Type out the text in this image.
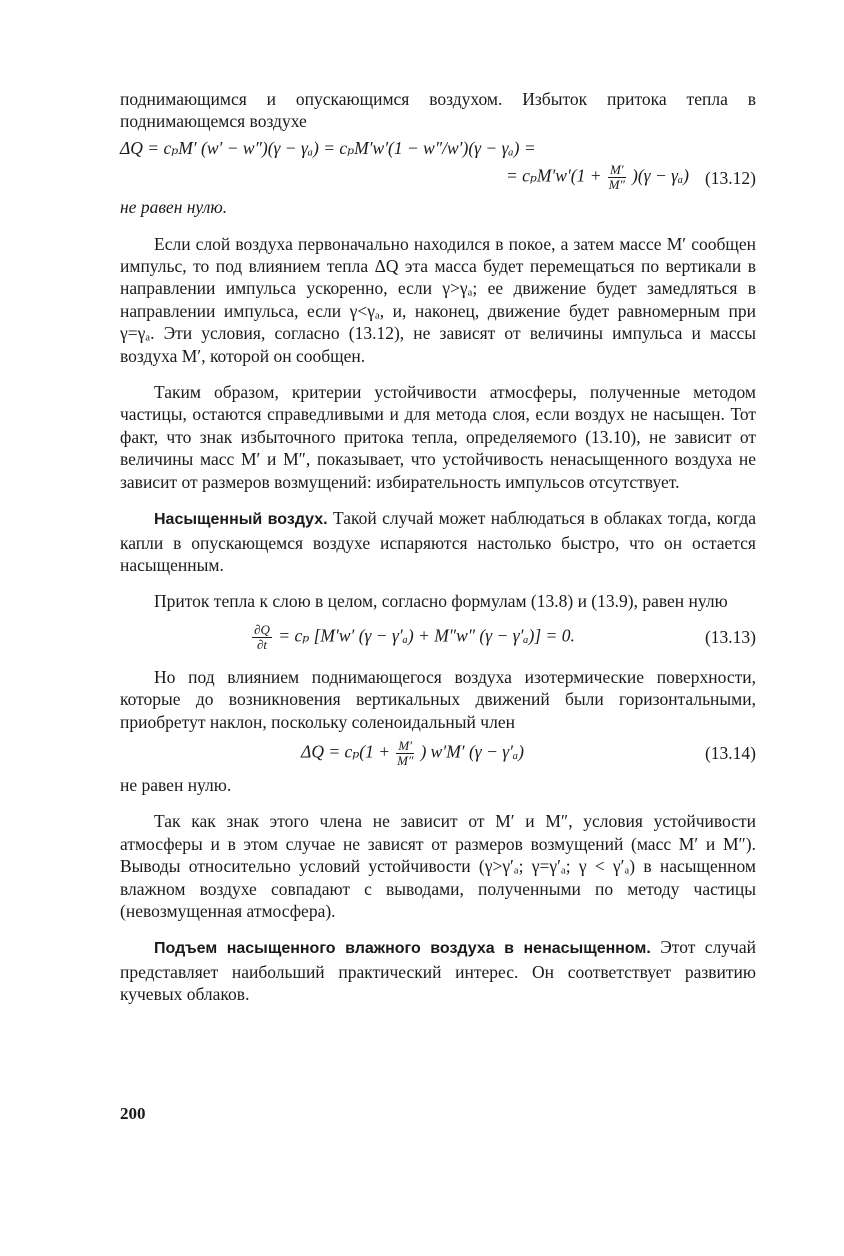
поднимающимся и опускающимся воздухом. Избыток притока тепла в поднимающемся воздухе

ΔQ = cₚM′ (w′ − w″)(γ − γₐ) = cₚM′w′(1 − w″/w′)(γ − γₐ) =
= $c_pM'w'(1 + \frac{M'}{M''} )(\gamma - \gamma_a)$ (13.12)

не равен нулю.

Если слой воздуха первоначально находился в покое, а затем массе M′ сообщен импульс, то под влиянием тепла ΔQ эта масса будет перемещаться по вертикали в направлении импульса ускоренно, если γ>γₐ; ее движение будет замедляться в направлении импульса, если γ<γₐ, и, наконец, движение будет равномерным при γ=γₐ. Эти условия, согласно (13.12), не зависят от величины импульса и массы воздуха M′, которой он сообщен.

Таким образом, критерии устойчивости атмосферы, полученные методом частицы, остаются справедливыми и для метода слоя, если воздух не насыщен. Тот факт, что знак избыточного притока тепла, определяемого (13.10), не зависит от величины масс M′ и M″, показывает, что устойчивость ненасыщенного воздуха не зависит от размеров возмущений: избирательность импульсов отсутствует.

Насыщенный воздух. Такой случай может наблюдаться в облаках тогда, когда капли в опускающемся воздухе испаряются настолько быстро, что он остается насыщенным.

Приток тепла к слою в целом, согласно формулам (13.8) и (13.9), равен нулю

$\frac{\partial Q}{\partial t} = c_p$ [M′w′ (γ − γ′ₐ) + M″w″ (γ − γ′ₐ)] = 0.	(13.13)

Но под влиянием поднимающегося воздуха изотермические поверхности, которые до возникновения вертикальных движений были горизонтальными, приобретут наклон, поскольку соленоидальный член

$\Delta Q = c_p(1 + \frac{M'}{M''}$ ) w′M′ (γ − γ′ₐ)	(13.14)

не равен нулю.

Так как знак этого члена не зависит от M′ и M″, условия устойчивости атмосферы и в этом случае не зависят от размеров возмущений (масс M′ и M″). Выводы относительно условий устойчивости (γ>γ′ₐ; γ=γ′ₐ; γ < γ′ₐ) в насыщенном влажном воздухе совпадают с выводами, полученными по методу частицы (невозмущенная атмосфера).

Подъем насыщенного влажного воздуха в ненасыщенном. Этот случай представляет наибольший практический интерес. Он соответствует развитию кучевых облаков.

200
